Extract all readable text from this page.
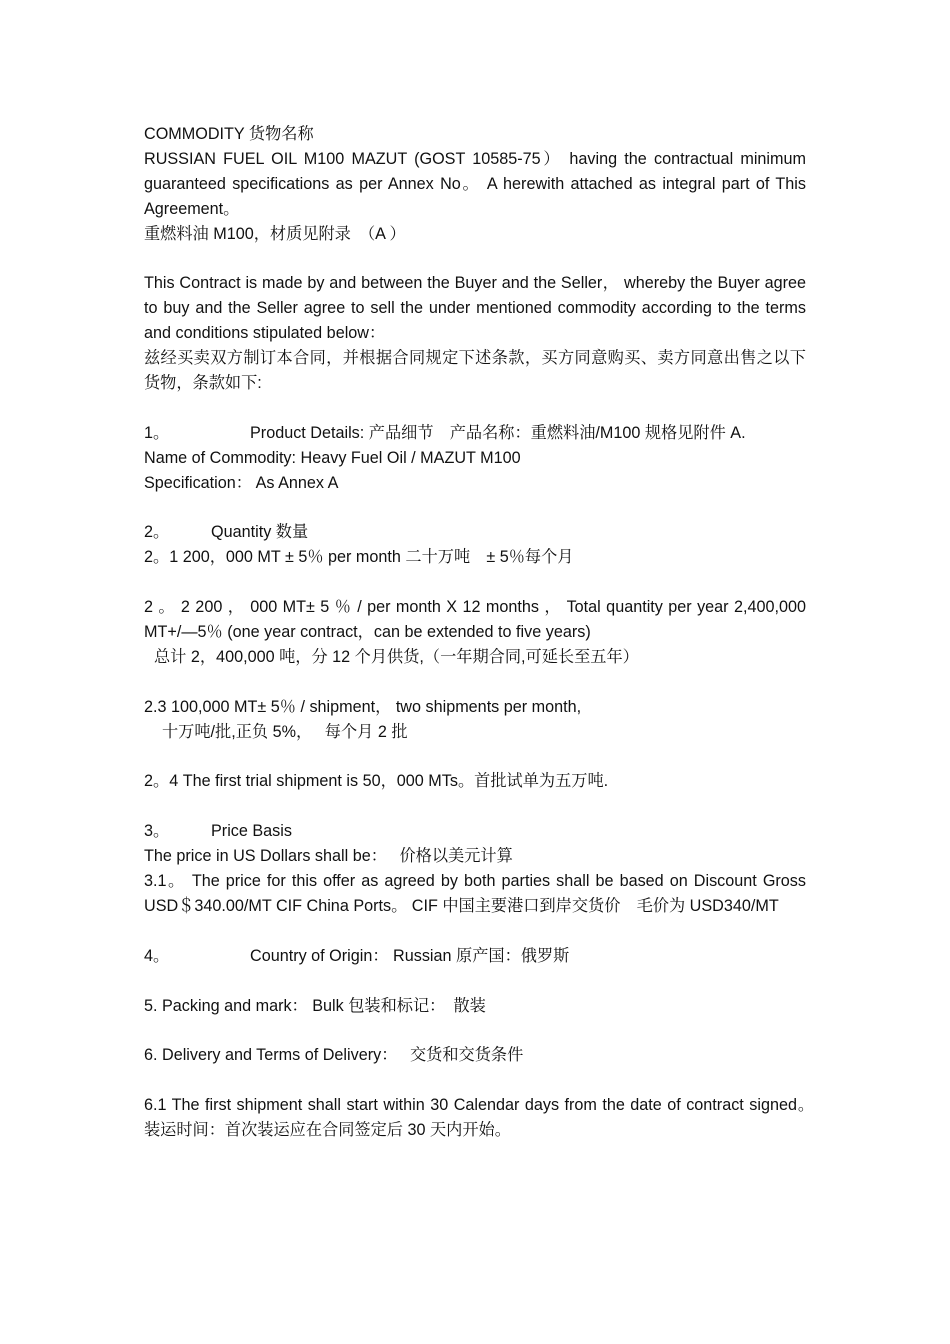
COMMODITY 货物名称

RUSSIAN FUEL OIL M100 MAZUT (GOST 10585-75） having the contractual minimum guaranteed specifications as per Annex No。 A herewith attached as integral part of This Agreement。

重燃料油 M100，材质见附录　（A ）

This Contract is made by and between the Buyer and the Seller， whereby the Buyer agree to buy and the Seller agree to sell the under mentioned commodity according to the terms and conditions stipulated below：

兹经买卖双方制订本合同，并根据合同规定下述条款，买方同意购买、卖方同意出售之以下货物，条款如下:

1。	Product Details: 产品细节　产品名称：重燃料油/M100 规格见附件 A.

Name of Commodity: Heavy Fuel Oil / MAZUT M100

Specification： As Annex A

2。	Quantity 数量

2。1 200，000 MT ± 5％ per month 二十万吨　± 5％每个月

2 。 2 200 ， 000 MT± 5 ％ / per month X 12 months ， Total quantity per year 2,400,000 MT+/—5％ (one year contract，can be extended to five years)

总计 2，400,000 吨，分 12 个月供货,（一年期合同,可延长至五年）

2.3 100,000 MT± 5％ / shipment， two shipments per month,

十万吨/批,正负 5%，　 每个月 2 批

2。4 The first trial shipment is 50，000 MTs。首批试单为五万吨.

3。	Price Basis

The price in US Dollars shall be：　 价格以美元计算

3.1。 The price for this offer as agreed by both parties shall be based on Discount Gross USD＄340.00/MT CIF China Ports。 CIF 中国主要港口到岸交货价　毛价为 USD340/MT

4。	Country of Origin： Russian 原产国：俄罗斯

5. Packing and mark： Bulk 包装和标记：　散装

6. Delivery and Terms of Delivery：　 交货和交货条件

6.1 The first shipment shall start within 30 Calendar days from the date of contract signed。　装运时间：首次装运应在合同签定后 30 天内开始。
